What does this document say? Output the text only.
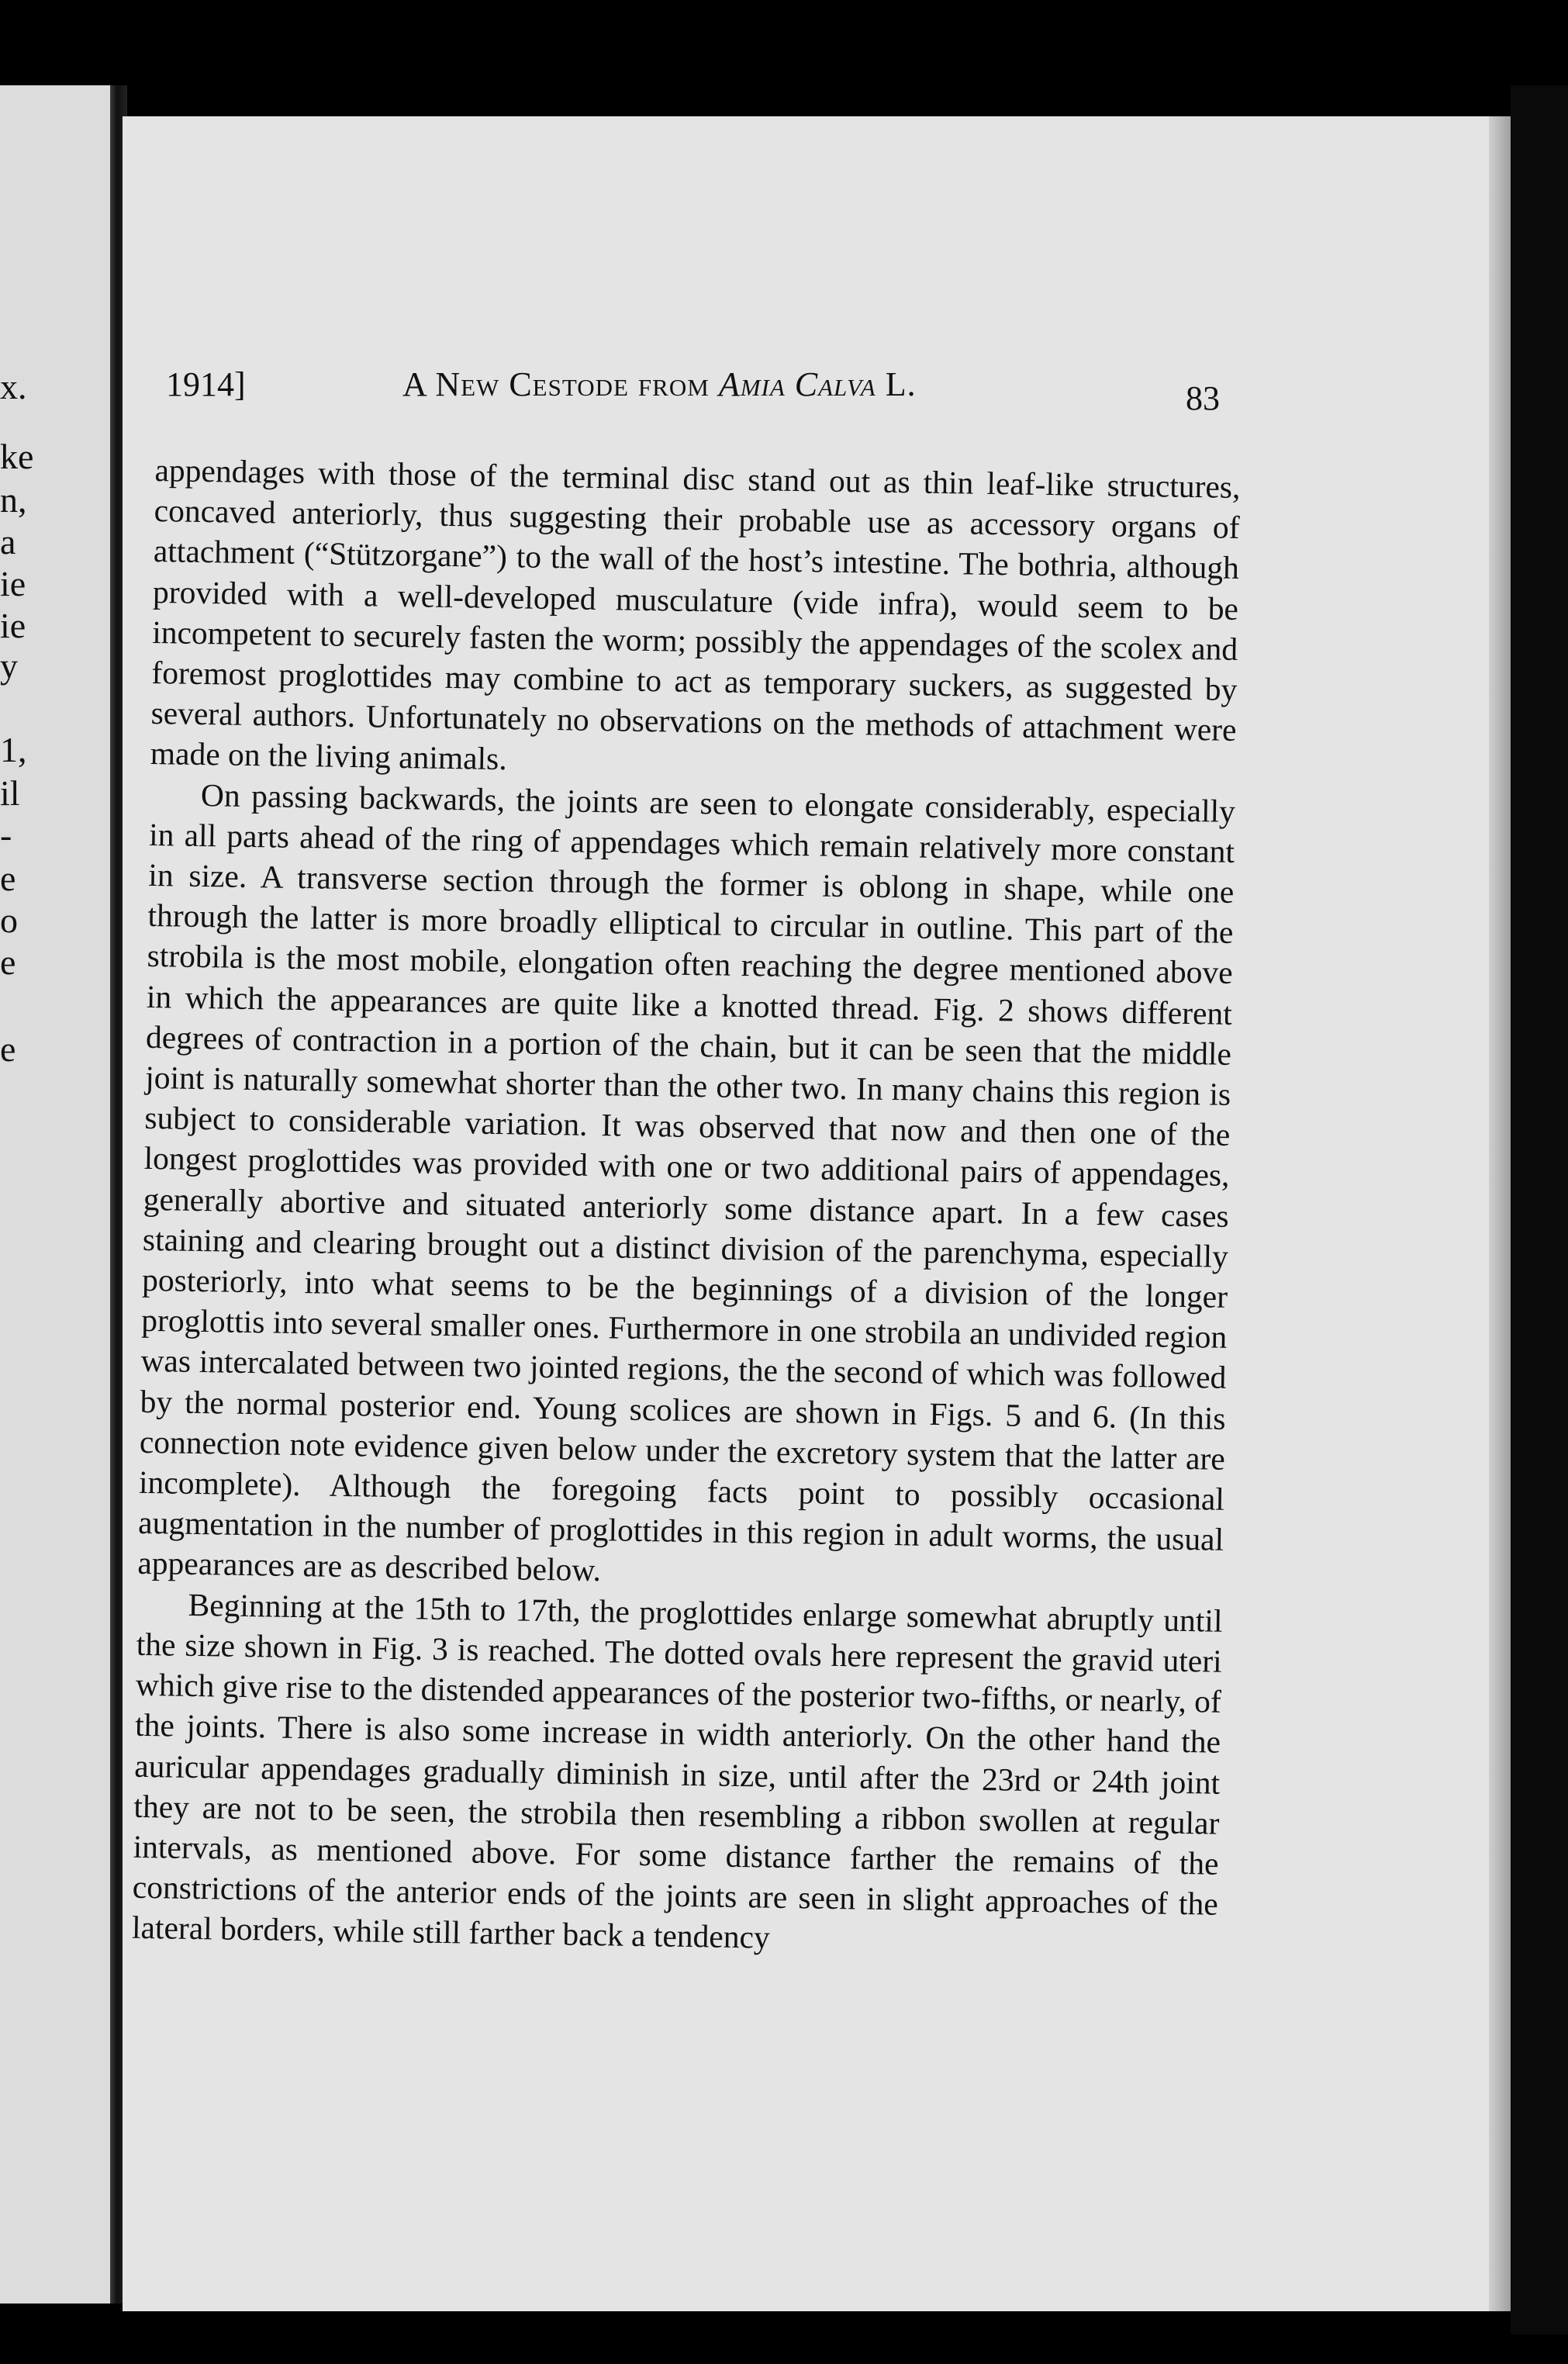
x.
ke
n,
a
ie
ie
y
1,
il
-
e
o
e
e
1914]	A New Cestode from Amia Calva L.	83

appendages with those of the terminal disc stand out as thin leaf-like structures, concaved anteriorly, thus suggesting their probable use as accessory organs of attachment (“Stützorgane”) to the wall of the host’s intestine. The bothria, although provided with a well-developed musculature (vide infra), would seem to be incompetent to securely fasten the worm; possibly the appendages of the scolex and foremost proglottides may combine to act as temporary suckers, as suggested by several authors. Unfortunately no observations on the methods of attachment were made on the living animals.

On passing backwards, the joints are seen to elongate considerably, especially in all parts ahead of the ring of appendages which remain relatively more constant in size. A transverse section through the former is oblong in shape, while one through the latter is more broadly elliptical to circular in outline. This part of the strobila is the most mobile, elongation often reaching the degree mentioned above in which the appearances are quite like a knotted thread. Fig. 2 shows different degrees of contraction in a portion of the chain, but it can be seen that the middle joint is naturally somewhat shorter than the other two. In many chains this region is subject to considerable variation. It was observed that now and then one of the longest proglottides was provided with one or two additional pairs of appendages, generally abortive and situated anteriorly some distance apart. In a few cases staining and clearing brought out a distinct division of the parenchyma, especially posteriorly, into what seems to be the beginnings of a division of the longer proglottis into several smaller ones. Furthermore in one strobila an undivided region was intercalated between two jointed regions, the the second of which was followed by the normal posterior end. Young scolices are shown in Figs. 5 and 6. (In this connection note evidence given below under the excretory system that the latter are incomplete). Although the foregoing facts point to possibly occasional augmentation in the number of proglottides in this region in adult worms, the usual appearances are as described below.

Beginning at the 15th to 17th, the proglottides enlarge somewhat abruptly until the size shown in Fig. 3 is reached. The dotted ovals here represent the gravid uteri which give rise to the distended appearances of the posterior two-fifths, or nearly, of the joints. There is also some increase in width anteriorly. On the other hand the auricular appendages gradually diminish in size, until after the 23rd or 24th joint they are not to be seen, the strobila then resembling a ribbon swollen at regular intervals, as mentioned above. For some distance farther the remains of the constrictions of the anterior ends of the joints are seen in slight approaches of the lateral borders, while still farther back a tendency
